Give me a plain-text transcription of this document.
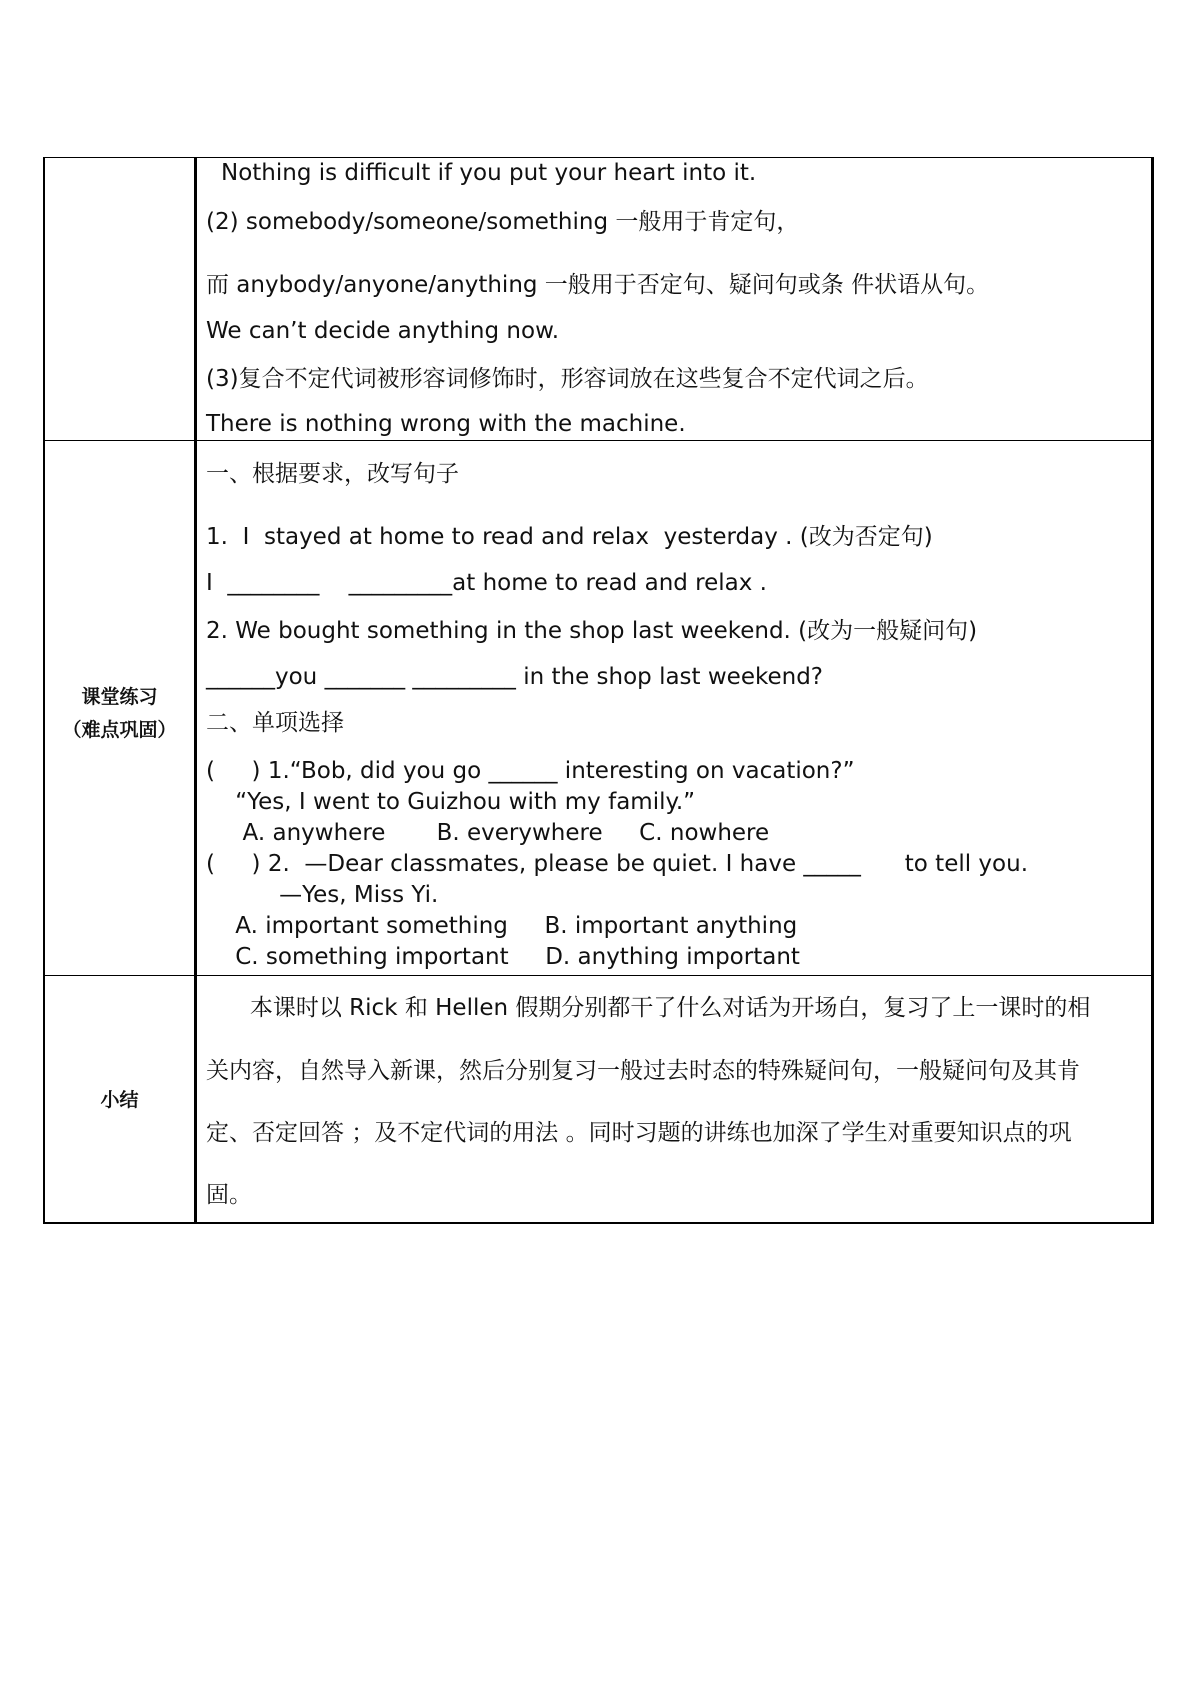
Nothing is difficult if you put your heart into it.
(2) somebody/someone/something 一般用于肯定句，
而 anybody/anyone/anything 一般用于否定句、疑问句或条 件状语从句。
We can’t decide anything now.
(3)复合不定代词被形容词修饰时，形容词放在这些复合不定代词之后。
There is nothing wrong with the machine.
课堂练习
（难点巩固）
一、根据要求，改写句子
1.  I  stayed at home to read and relax  yesterday . (改为否定句)
I  ________    _________at home to read and relax .
2. We bought something in the shop last weekend. (改为一般疑问句)
______you _______ _________ in the shop last weekend?
二、单项选择
(     ) 1.“Bob, did you go ______ interesting on vacation?”
“Yes, I went to Guizhou with my family.”
A. anywhere       B. everywhere     C. nowhere
(     ) 2.  —Dear classmates, please be quiet. I have _____      to tell you.
—Yes, Miss Yi.
A. important something     B. important anything
C. something important     D. anything important
小结
本课时以 Rick 和 Hellen 假期分别都干了什么对话为开场白，复习了上一课时的相
关内容，自然导入新课，然后分别复习一般过去时态的特殊疑问句，一般疑问句及其肯
定、否定回答 ；及不定代词的用法 。同时习题的讲练也加深了学生对重要知识点的巩
固。
